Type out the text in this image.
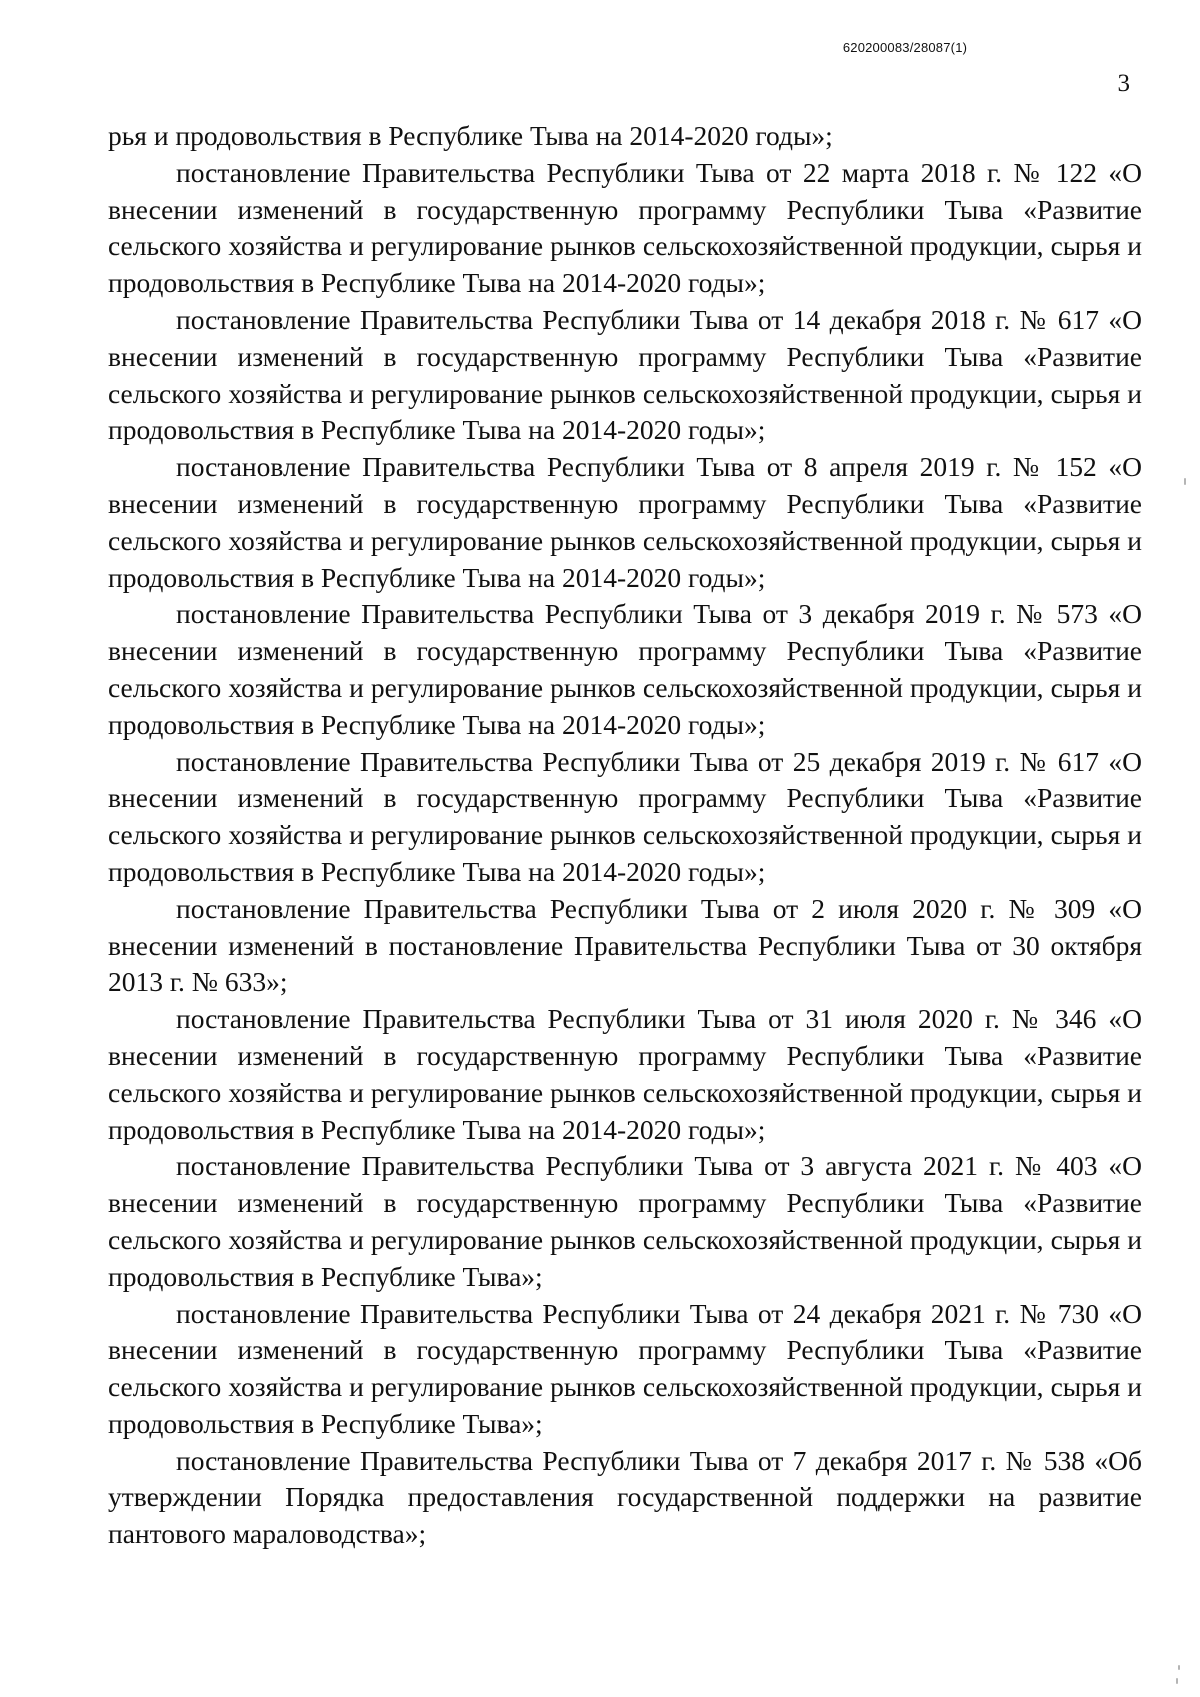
620200083/28087(1)
3

рья и продовольствия в Республике Тыва на 2014-2020 годы»;

постановление Правительства Республики Тыва от 22 марта 2018 г. № 122 «О внесении изменений в государственную программу Республики Тыва «Развитие сельского хозяйства и регулирование рынков сельскохозяйственной продукции, сырья и продовольствия в Республике Тыва на 2014-2020 годы»;

постановление Правительства Республики Тыва от 14 декабря 2018 г. № 617 «О внесении изменений в государственную программу Республики Тыва «Развитие сельского хозяйства и регулирование рынков сельскохозяйственной продукции, сырья и продовольствия в Республике Тыва на 2014-2020 годы»;

постановление Правительства Республики Тыва от 8 апреля 2019 г. № 152 «О внесении изменений в государственную программу Республики Тыва «Развитие сельского хозяйства и регулирование рынков сельскохозяйственной продукции, сырья и продовольствия в Республике Тыва на 2014-2020 годы»;

постановление Правительства Республики Тыва от 3 декабря 2019 г. № 573 «О внесении изменений в государственную программу Республики Тыва «Развитие сельского хозяйства и регулирование рынков сельскохозяйственной продукции, сырья и продовольствия в Республике Тыва на 2014-2020 годы»;

постановление Правительства Республики Тыва от 25 декабря 2019 г. № 617 «О внесении изменений в государственную программу Республики Тыва «Развитие сельского хозяйства и регулирование рынков сельскохозяйственной продукции, сырья и продовольствия в Республике Тыва на 2014-2020 годы»;

постановление Правительства Республики Тыва от 2 июля 2020 г. № 309 «О внесении изменений в постановление Правительства Республики Тыва от 30 октября 2013 г. № 633»;

постановление Правительства Республики Тыва от 31 июля 2020 г. № 346 «О внесении изменений в государственную программу Республики Тыва «Развитие сельского хозяйства и регулирование рынков сельскохозяйственной продукции, сырья и продовольствия в Республике Тыва на 2014-2020 годы»;

постановление Правительства Республики Тыва от 3 августа 2021 г. № 403 «О внесении изменений в государственную программу Республики Тыва «Развитие сельского хозяйства и регулирование рынков сельскохозяйственной продукции, сырья и продовольствия в Республике Тыва»;

постановление Правительства Республики Тыва от 24 декабря 2021 г. № 730 «О внесении изменений в государственную программу Республики Тыва «Развитие сельского хозяйства и регулирование рынков сельскохозяйственной продукции, сырья и продовольствия в Республике Тыва»;

постановление Правительства Республики Тыва от 7 декабря 2017 г. № 538 «Об утверждении Порядка предоставления государственной поддержки на развитие пантового мараловодства»;
